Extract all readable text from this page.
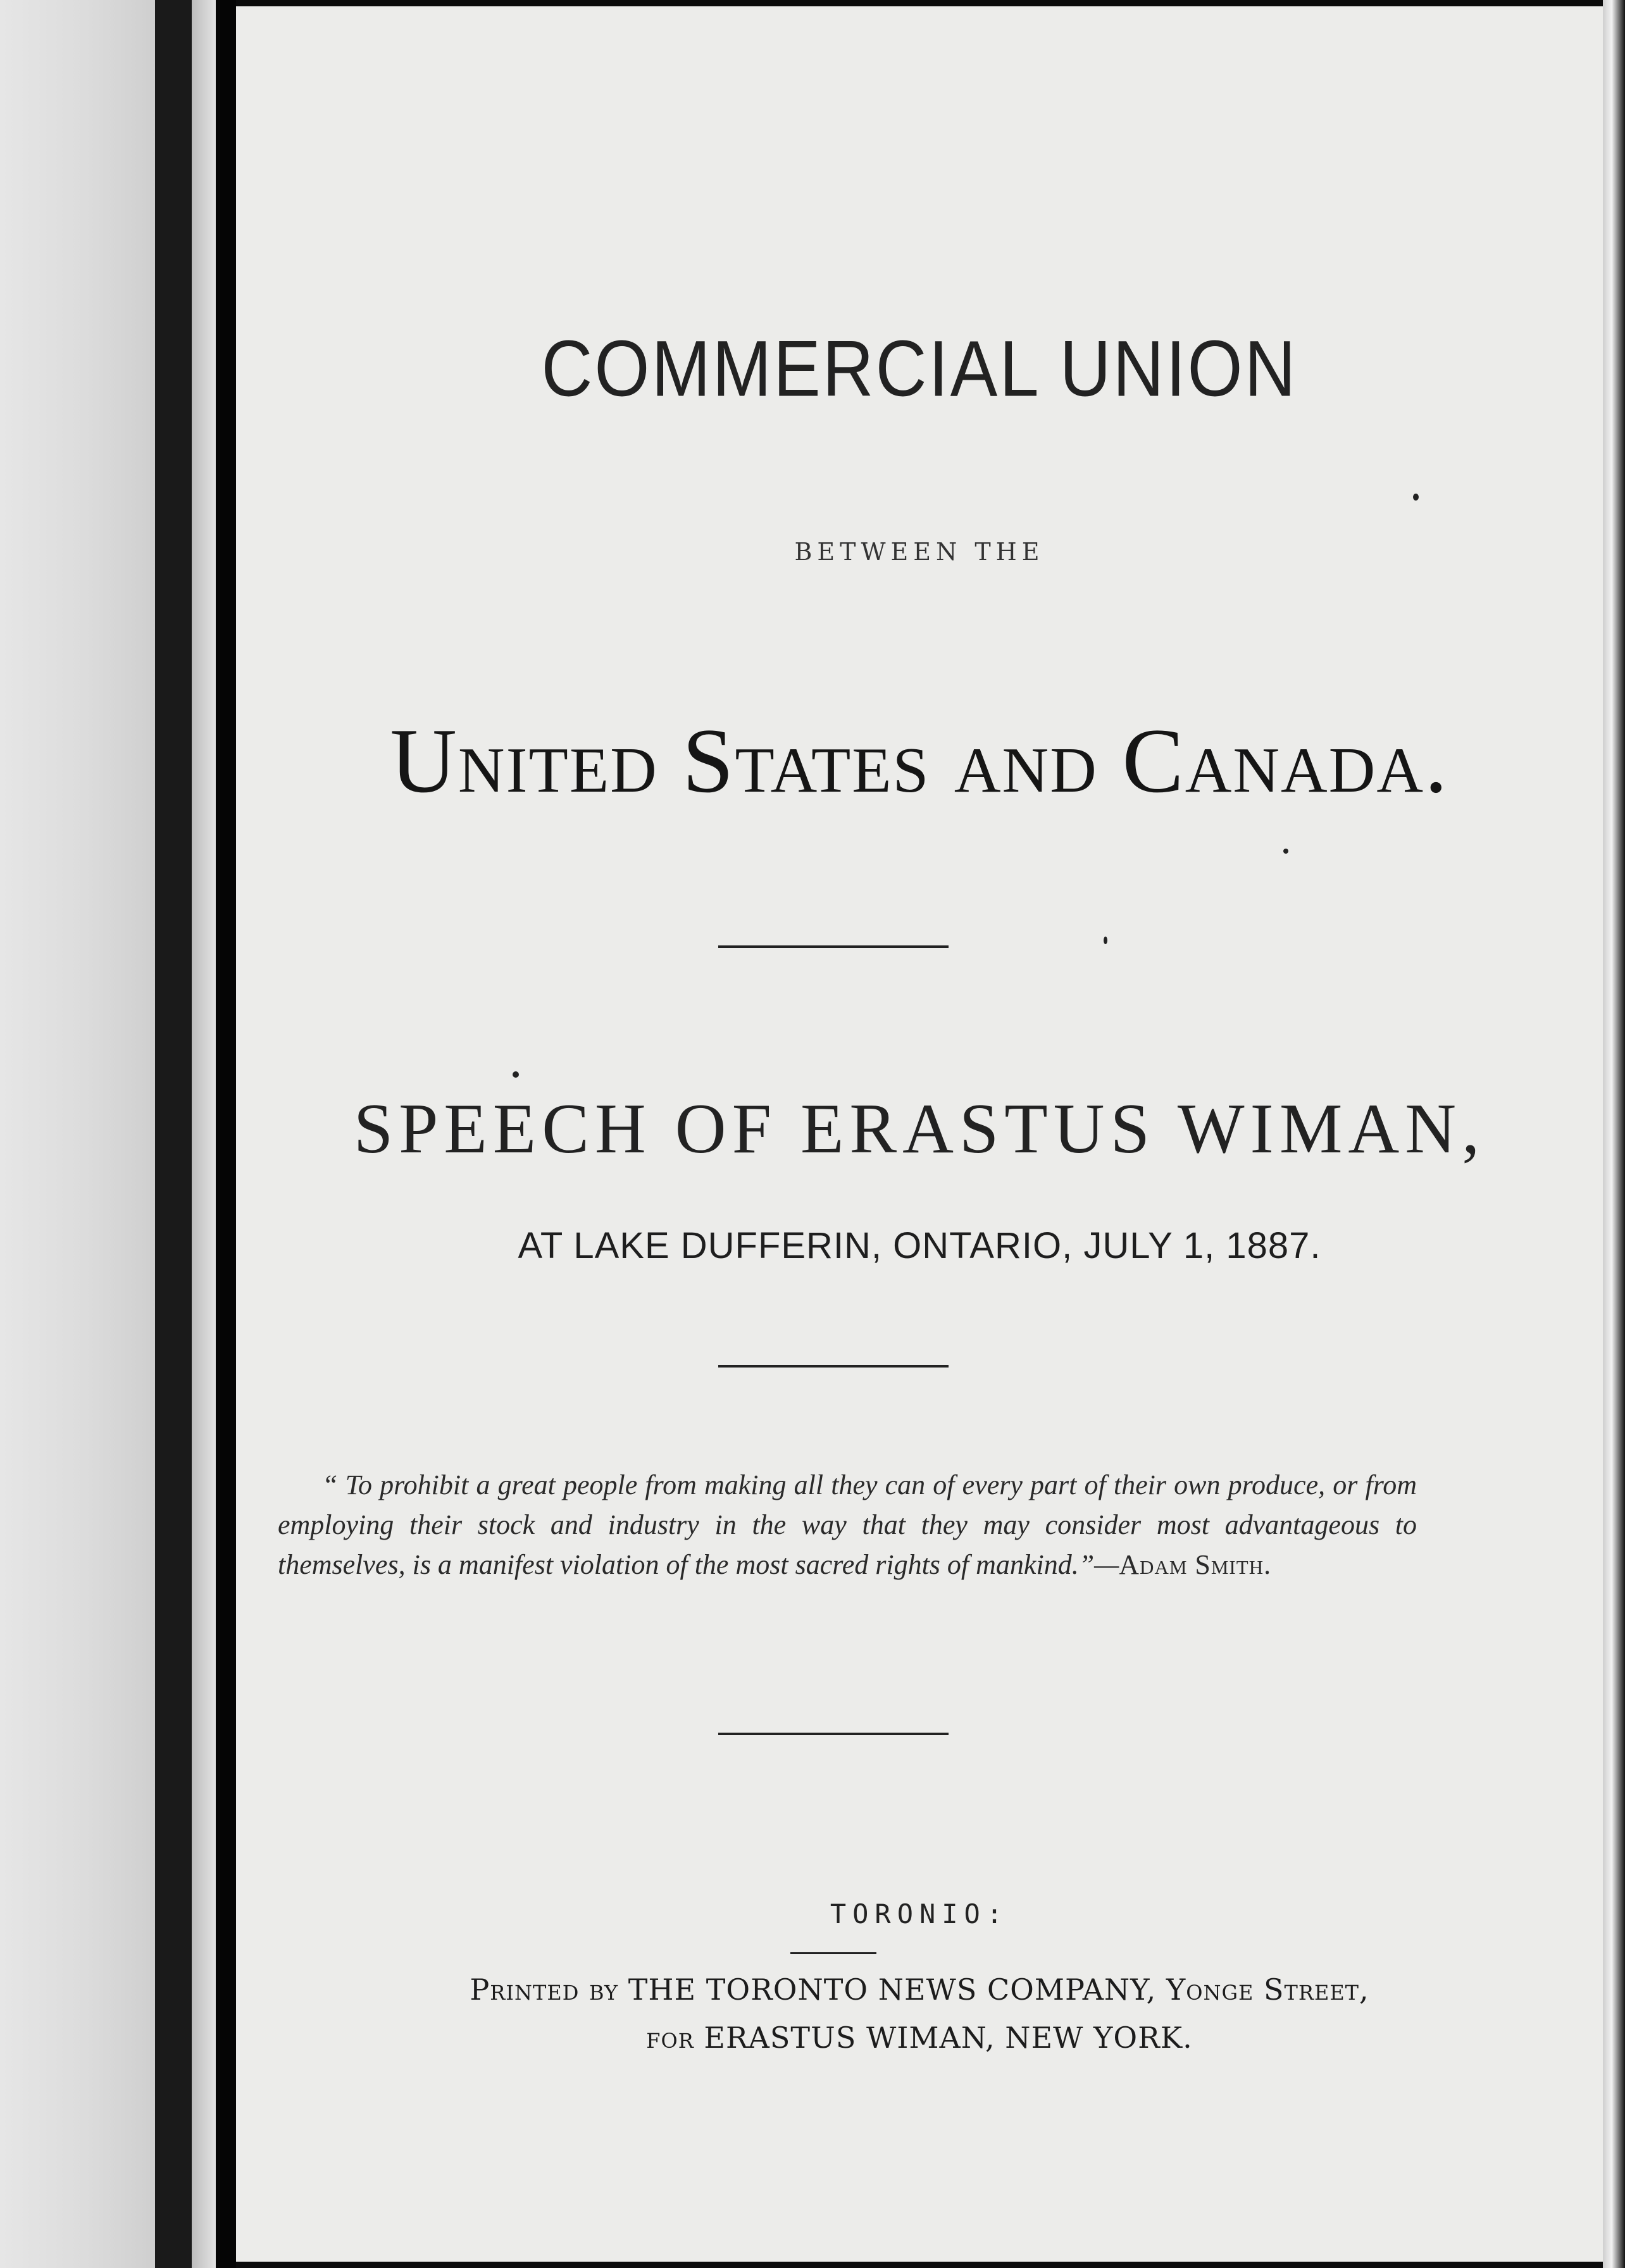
COMMERCIAL UNION
BETWEEN THE
United States and Canada.
SPEECH OF ERASTUS WIMAN,
AT LAKE DUFFERIN, ONTARIO, JULY 1, 1887.
“ To prohibit a great people from making all they can of every part of their own produce, or from employing their stock and industry in the way that they may consider most advantageous to themselves, is a manifest violation of the most sacred rights of mankind.”—Adam Smith.
TORONIO:
Printed by THE TORONTO NEWS COMPANY, Yonge Street,
for ERASTUS WIMAN, NEW YORK.
